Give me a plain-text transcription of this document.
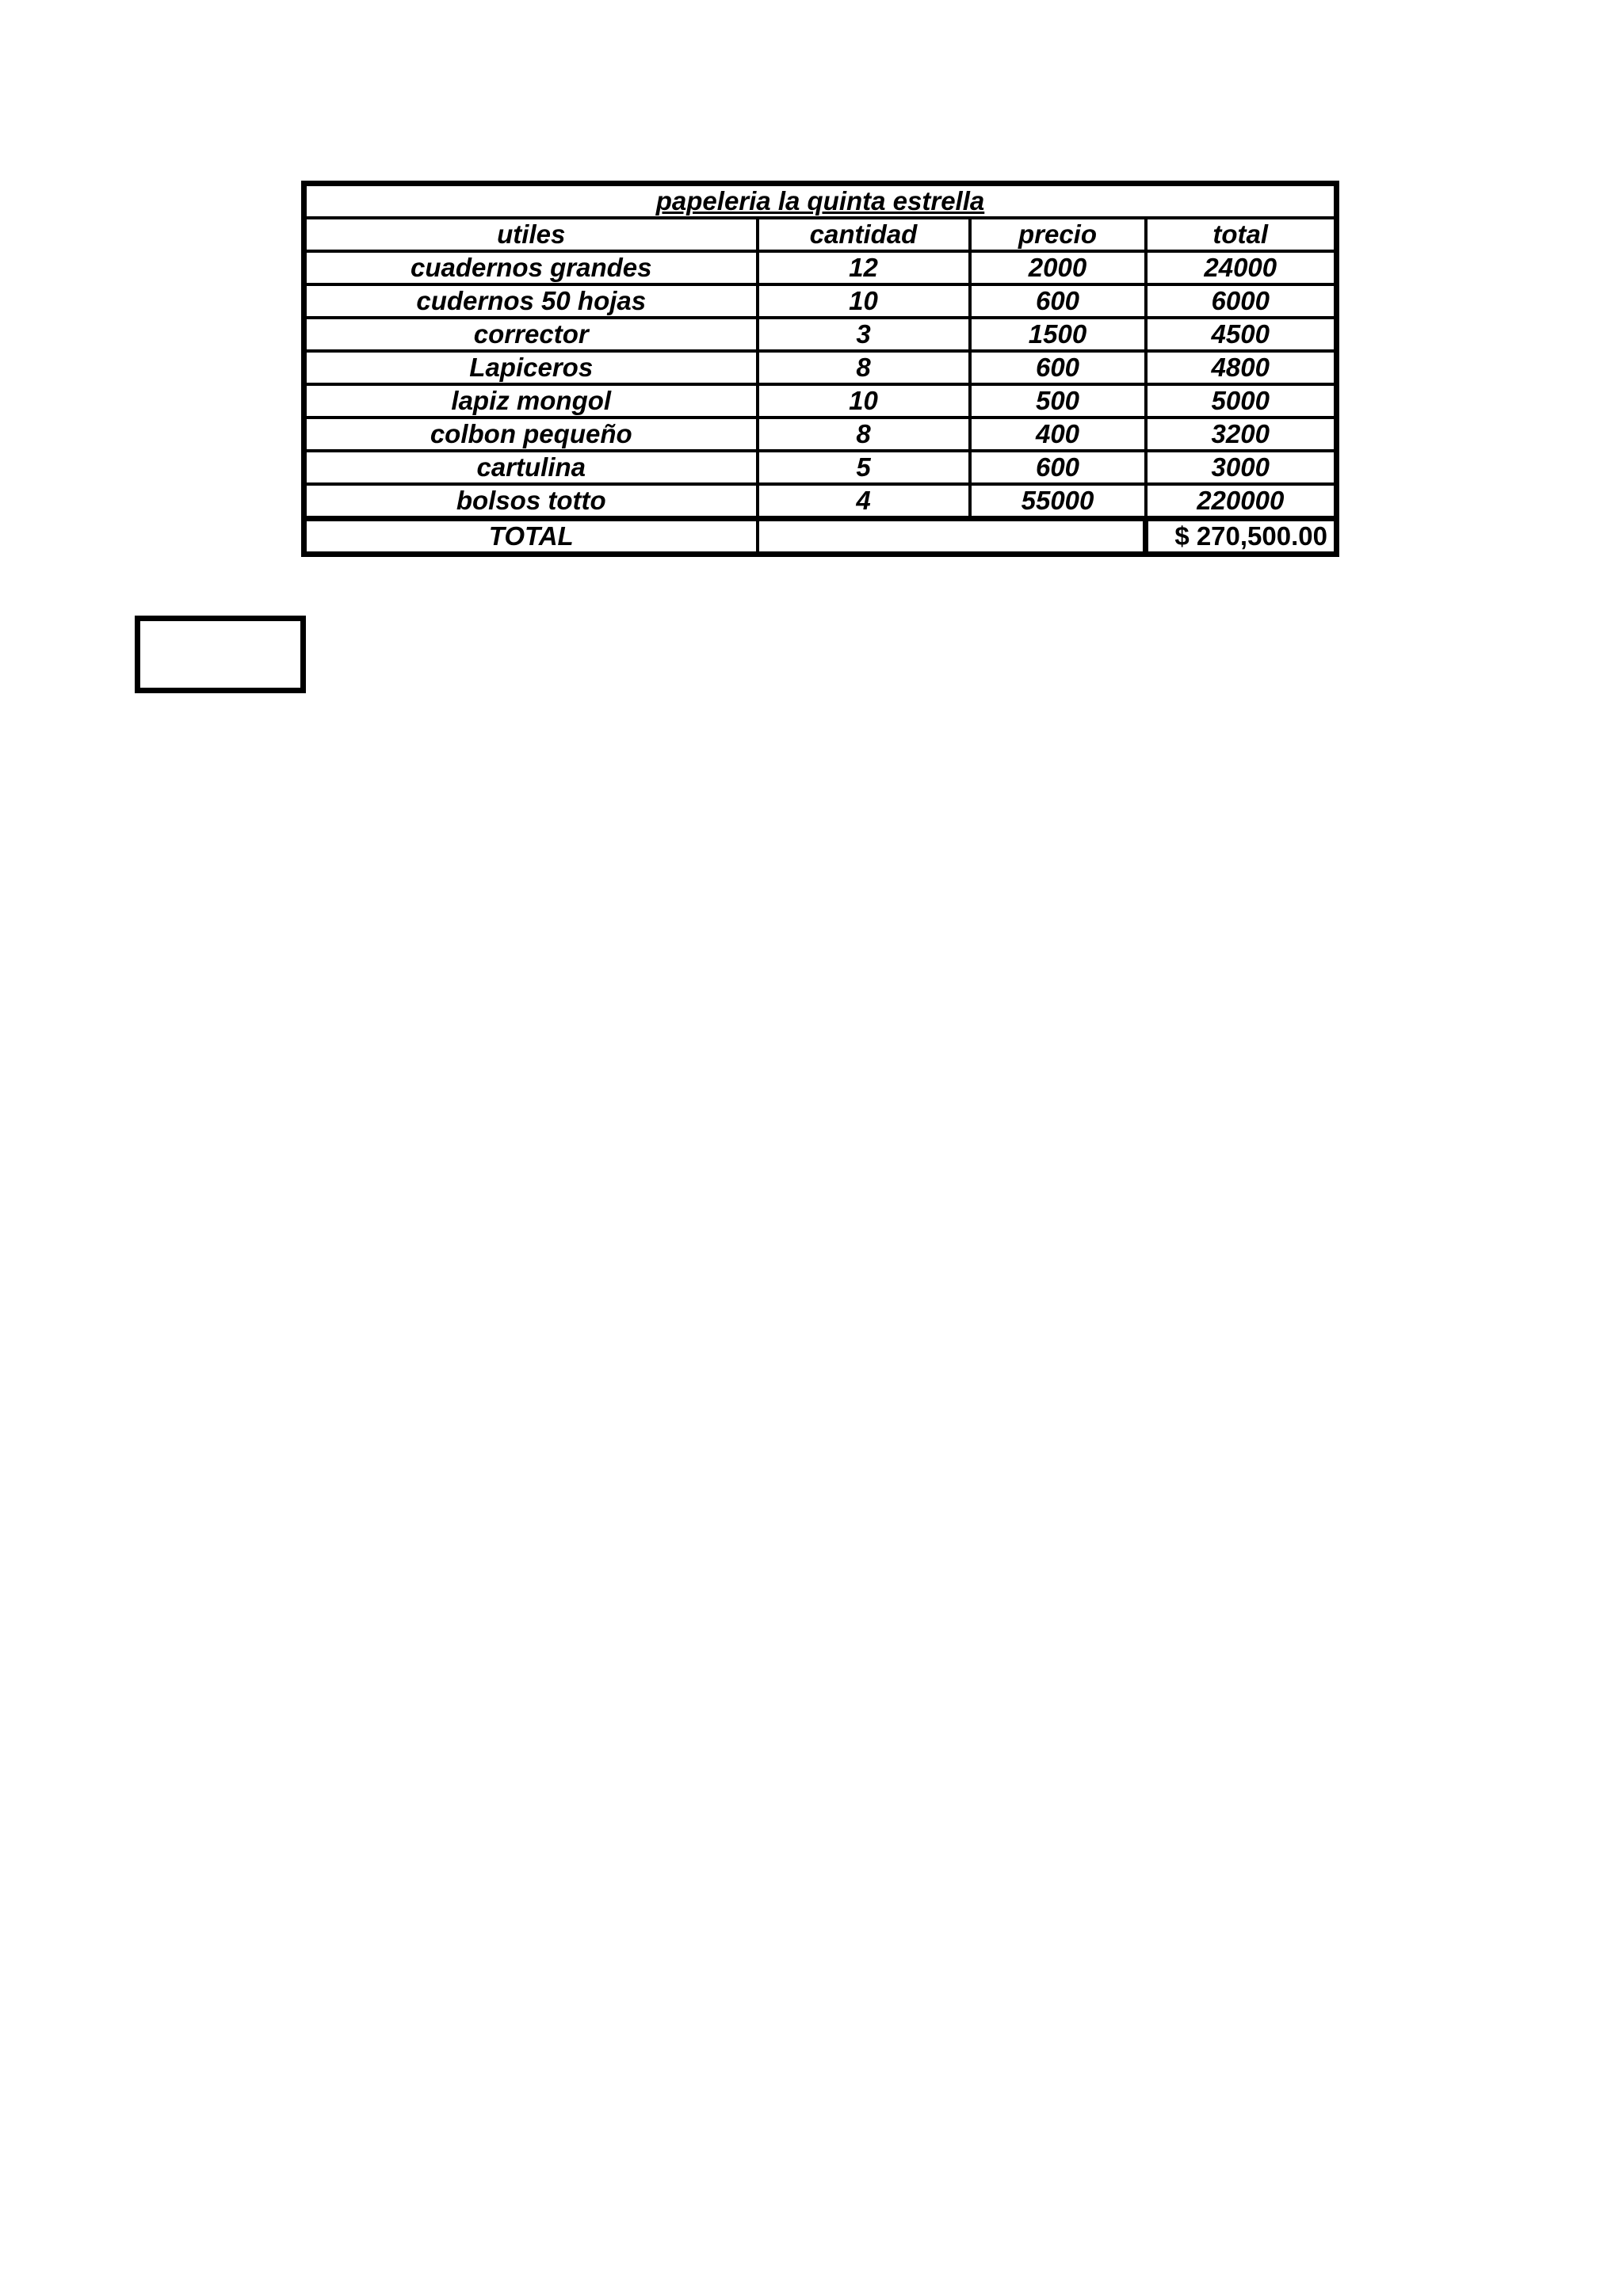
papeleria la quinta estrella			
utiles	cantidad	precio	total
cuadernos grandes	12	2000	24000
cudernos 50 hojas	10	600	6000
corrector	3	1500	4500
Lapiceros	8	600	4800
lapiz mongol	10	500	5000
colbon pequeño	8	400	3200
cartulina	5	600	3000
bolsos totto	4	55000	220000
TOTAL			$ 270,500.00
